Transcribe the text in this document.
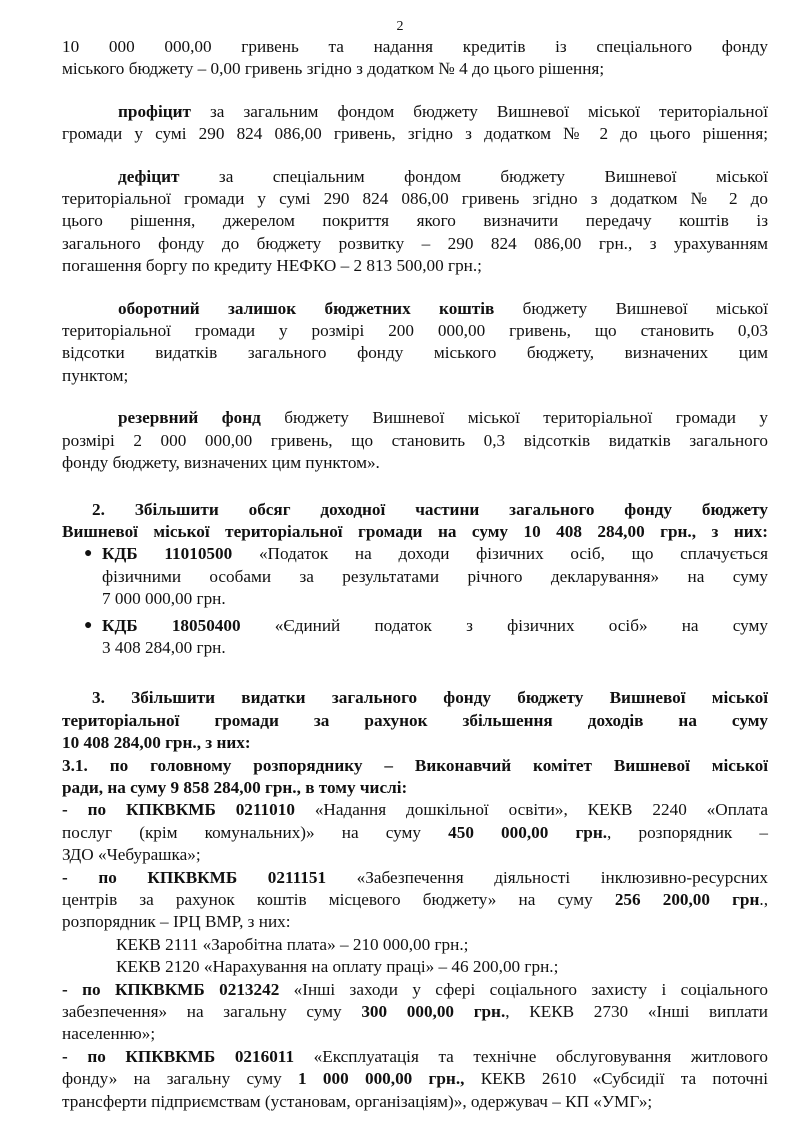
2
10 000 000,00 гривень та надання кредитів із спеціального фонду
міського бюджету – 0,00 гривень згідно з додатком № 4 до цього рішення;
профіцит за загальним фондом бюджету Вишневої міської територіальної
громади у сумі 290 824 086,00 гривень, згідно з додатком № 2 до цього рішення;
дефіцит за спеціальним фондом бюджету Вишневої міської
територіальної громади у сумі 290 824 086,00 гривень згідно з додатком № 2 до
цього рішення, джерелом покриття якого визначити передачу коштів із
загального фонду до бюджету розвитку – 290 824 086,00 грн., з урахуванням
погашення боргу по кредиту НЕФКО – 2 813 500,00 грн.;
оборотний залишок бюджетних коштів бюджету Вишневої міської
територіальної громади у розмірі 200 000,00 гривень, що становить 0,03
відсотки видатків загального фонду міського бюджету, визначених цим
пунктом;
резервний фонд бюджету Вишневої міської територіальної громади у
розмірі 2 000 000,00 гривень, що становить 0,3 відсотків видатків загального
фонду бюджету, визначених цим пунктом».
2. Збільшити обсяг доходної частини загального фонду бюджету
Вишневої міської територіальної громади на суму 10 408 284,00 грн., з них:
● КДБ 11010500 «Податок на доходи фізичних осіб, що сплачується
фізичними особами за результатами річного декларування» на суму
7 000 000,00 грн.
● КДБ 18050400 «Єдиний податок з фізичних осіб» на суму
3 408 284,00 грн.
3. Збільшити видатки загального фонду бюджету Вишневої міської
територіальної громади за рахунок збільшення доходів на суму
10 408 284,00 грн., з них:
3.1. по головному розпоряднику – Виконавчий комітет Вишневої міської
ради, на суму 9 858 284,00 грн., в тому числі:
- по КПКВКМБ 0211010 «Надання дошкільної освіти», КЕКВ 2240 «Оплата
послуг (крім комунальних)» на суму 450 000,00 грн., розпорядник –
ЗДО «Чебурашка»;
- по КПКВКМБ 0211151 «Забезпечення діяльності інклюзивно-ресурсних
центрів за рахунок коштів місцевого бюджету» на суму 256 200,00 грн.,
розпорядник – ІРЦ ВМР, з них:
КЕКВ 2111 «Заробітна плата» – 210 000,00 грн.;
КЕКВ 2120 «Нарахування на оплату праці» – 46 200,00 грн.;
- по КПКВКМБ 0213242 «Інші заходи у сфері соціального захисту і соціального
забезпечення» на загальну суму 300 000,00 грн., КЕКВ 2730 «Інші виплати
населенню»;
- по КПКВКМБ 0216011 «Експлуатація та технічне обслуговування житлового
фонду» на загальну суму 1 000 000,00 грн., КЕКВ 2610 «Субсидії та поточні
трансферти підприємствам (установам, організаціям)», одержувач – КП «УМГ»;
